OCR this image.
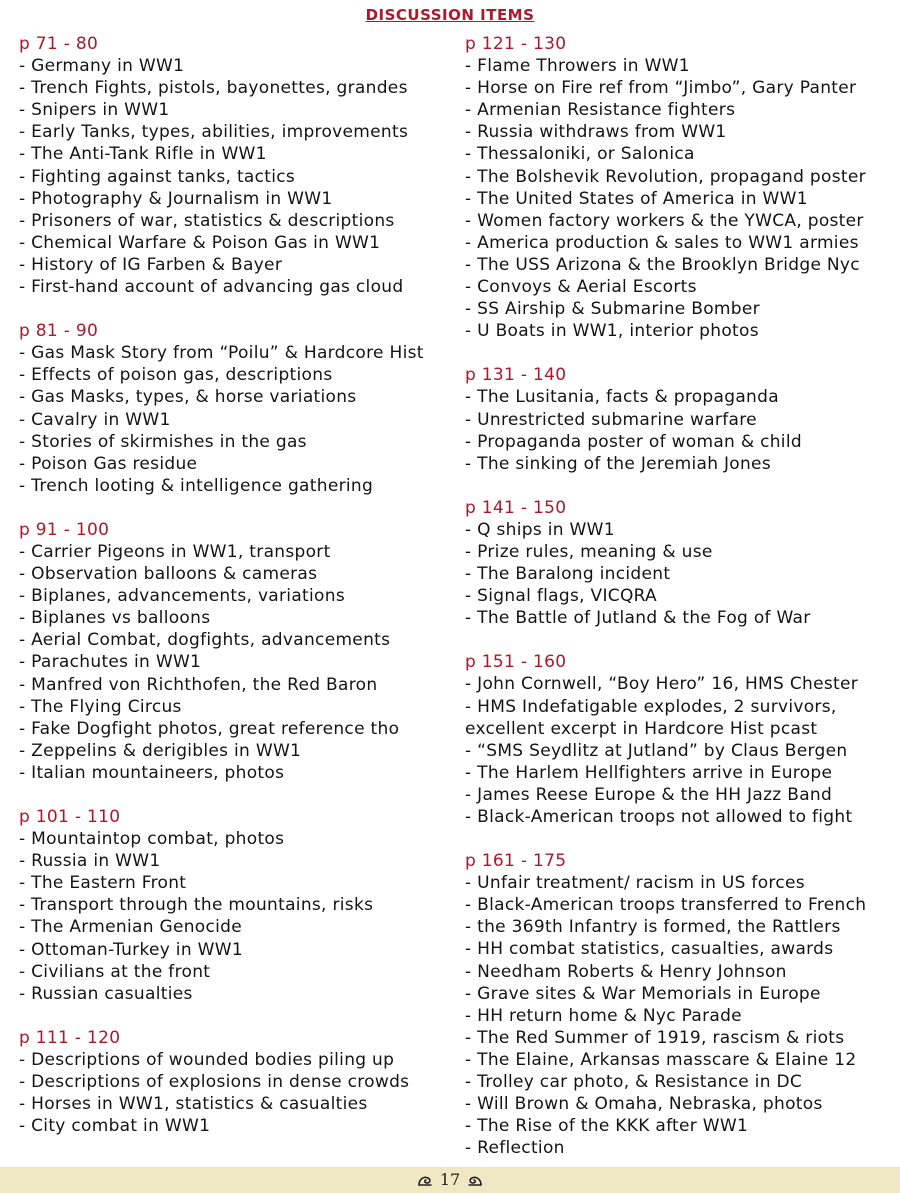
DISCUSSION ITEMS
p 71 - 80
- Germany in WW1
- Trench Fights, pistols, bayonettes, grandes
- Snipers in WW1
- Early Tanks, types, abilities, improvements
- The Anti-Tank Rifle in WW1
- Fighting against tanks, tactics
- Photography & Journalism in WW1
- Prisoners of war, statistics & descriptions
- Chemical Warfare & Poison Gas in WW1
- History of IG Farben & Bayer
- First-hand account of advancing gas cloud
p 81 - 90
- Gas Mask Story from “Poilu” & Hardcore Hist
- Effects of poison gas, descriptions
- Gas Masks, types, & horse variations
- Cavalry in WW1
- Stories of skirmishes in the gas
- Poison Gas residue
- Trench looting & intelligence gathering
p 91 - 100
- Carrier Pigeons in WW1, transport
- Observation balloons & cameras
- Biplanes, advancements, variations
- Biplanes vs balloons
- Aerial Combat, dogfights, advancements
- Parachutes in WW1
- Manfred von Richthofen, the Red Baron
- The Flying Circus
- Fake Dogfight photos, great reference tho
- Zeppelins & derigibles in WW1
- Italian mountaineers, photos
p 101 - 110
- Mountaintop combat, photos
- Russia in WW1
- The Eastern Front
- Transport through the mountains, risks
- The Armenian Genocide
- Ottoman-Turkey in WW1
- Civilians at the front
- Russian casualties
p 111 - 120
- Descriptions of wounded bodies piling up
- Descriptions of explosions in dense crowds
- Horses in WW1, statistics & casualties
- City combat in WW1
p 121 - 130
- Flame Throwers in WW1
- Horse on Fire ref from “Jimbo”, Gary Panter
- Armenian Resistance fighters
- Russia withdraws from WW1
- Thessaloniki, or Salonica
- The Bolshevik Revolution, propagand poster
- The United States of America in WW1
- Women factory workers & the YWCA, poster
- America production & sales to WW1 armies
- The USS Arizona & the Brooklyn Bridge Nyc
- Convoys & Aerial Escorts
- SS Airship & Submarine Bomber
- U Boats in WW1, interior photos
p 131 - 140
- The Lusitania, facts & propaganda
- Unrestricted submarine warfare
- Propaganda poster of woman & child
- The sinking of the Jeremiah Jones
p 141 - 150
- Q ships in WW1
- Prize rules, meaning & use
- The Baralong incident
- Signal flags, VICQRA
- The Battle of Jutland & the Fog of War
p 151 - 160
- John Cornwell, “Boy Hero” 16, HMS Chester
- HMS Indefatigable explodes, 2 survivors, excellent excerpt in Hardcore Hist pcast
- “SMS Seydlitz at Jutland” by Claus Bergen
- The Harlem Hellfighters arrive in Europe
- James Reese Europe & the HH Jazz Band
- Black-American troops not allowed to fight
p 161 - 175
- Unfair treatment/ racism in US forces
- Black-American troops transferred to French
- the 369th Infantry is formed, the Rattlers
- HH combat statistics, casualties, awards
- Needham Roberts & Henry Johnson
- Grave sites & War Memorials in Europe
- HH return home & Nyc Parade
- The Red Summer of 1919, rascism & riots
- The Elaine, Arkansas masscare & Elaine 12
- Trolley car photo, & Resistance in DC
- Will Brown & Omaha, Nebraska, photos
- The Rise of the KKK after WW1
- Reflection
17
